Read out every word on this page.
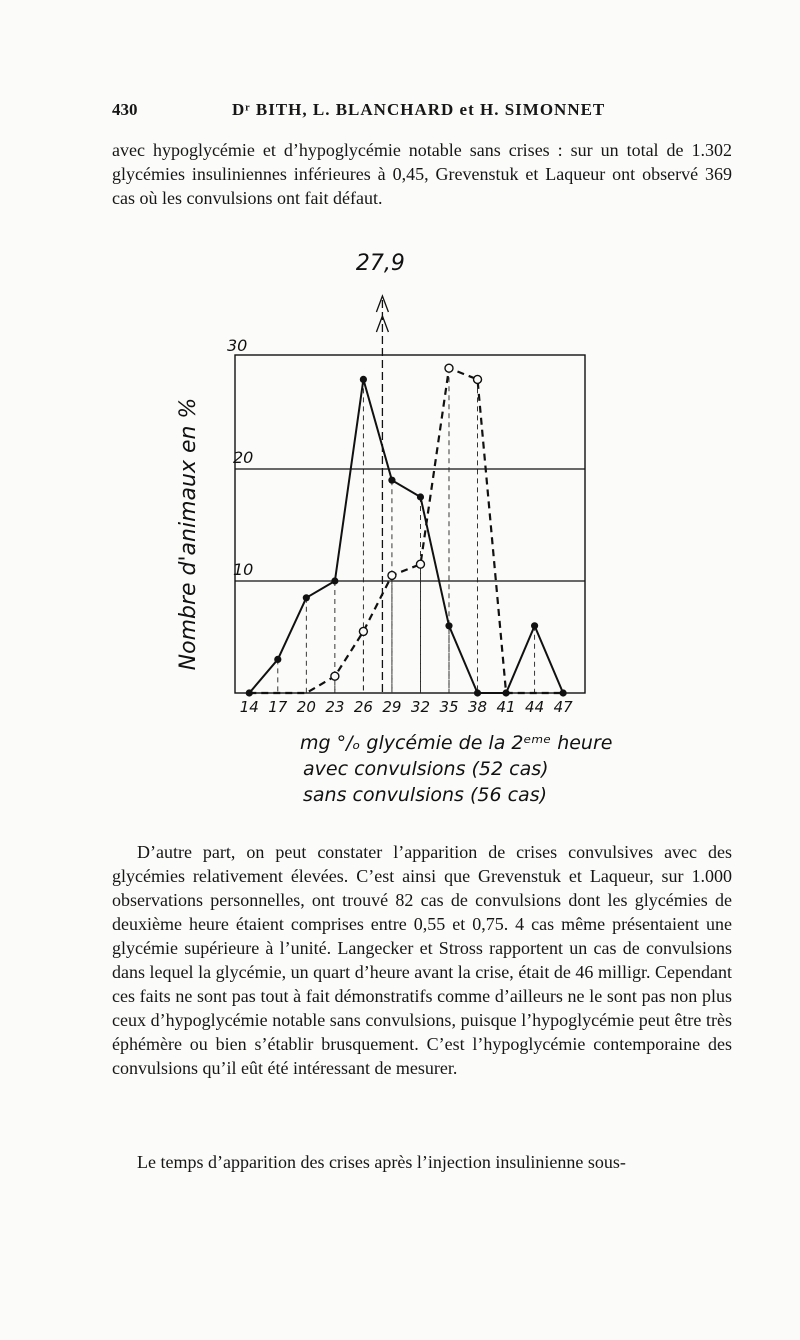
430	Dʳ BITH, L. BLANCHARD et H. SIMONNET

avec hypoglycémie et d’hypoglycémie notable sans crises : sur un total de 1.302 glycémies insuliniennes inférieures à 0,45, Grevenstuk et Laqueur ont observé 369 cas où les convulsions ont fait défaut.

10
20
30
Nombre d'animaux en %
27,9
14 17 20 23 26 29 32 35 38 41 44 47
mg °/ₒ glycémie de la 2ᵉᵐᵉ heure
avec convulsions (52 cas)
sans convulsions (56 cas)

D’autre part, on peut constater l’apparition de crises convulsives avec des glycémies relativement élevées. C’est ainsi que Grevenstuk et Laqueur, sur 1.000 observations personnelles, ont trouvé 82 cas de convulsions dont les glycémies de deuxième heure étaient comprises entre 0,55 et 0,75. 4 cas même présentaient une glycémie supérieure à l’unité. Langecker et Stross rapportent un cas de convulsions dans lequel la glycémie, un quart d’heure avant la crise, était de 46 milligr. Cependant ces faits ne sont pas tout à fait démonstratifs comme d’ailleurs ne le sont pas non plus ceux d’hypoglycémie notable sans convulsions, puisque l’hypoglycémie peut être très éphémère ou bien s’établir brusquement. C’est l’hypoglycémie contemporaine des convulsions qu’il eût été intéressant de mesurer.

Le temps d’apparition des crises après l’injection insulinienne sous-
